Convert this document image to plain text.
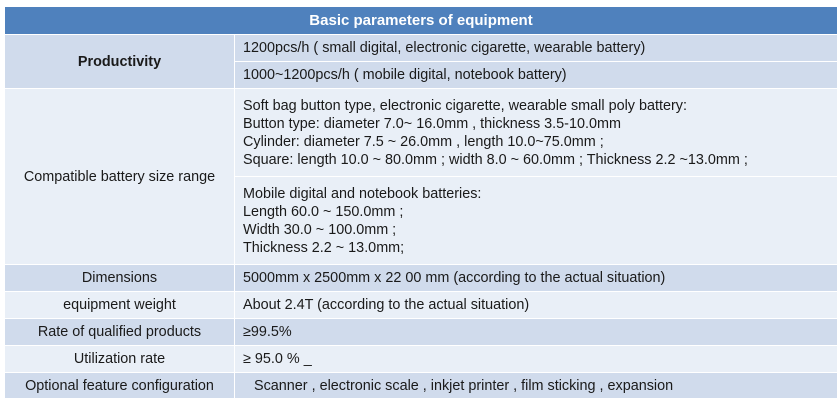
Basic parameters of equipment	
Productivity	1200pcs/h ( small digital, electronic cigarette, wearable battery)
	1000~1200pcs/h ( mobile digital, notebook battery)
Compatible battery size range	Soft bag button type, electronic cigarette, wearable small poly battery:
Button type: diameter 7.0~ 16.0mm , thickness 3.5-10.0mm
Cylinder: diameter 7.5 ~ 26.0mm , length 10.0~75.0mm ;
Square: length 10.0 ~ 80.0mm ; width 8.0 ~ 60.0mm ; Thickness 2.2 ~13.0mm ;

	Mobile digital and notebook batteries:
Length 60.0 ~ 150.0mm ;
Width 30.0 ~ 100.0mm ;
Thickness 2.2 ~ 13.0mm;

Dimensions	5000mm x 2500mm x 22 00 mm (according to the actual situation)
equipment weight	About 2.4T (according to the actual situation)
Rate of qualified products	≥99.5%
Utilization rate	≥ 95.0 % _
Optional feature configuration	Scanner , electronic scale , inkjet printer , film sticking , expansion
